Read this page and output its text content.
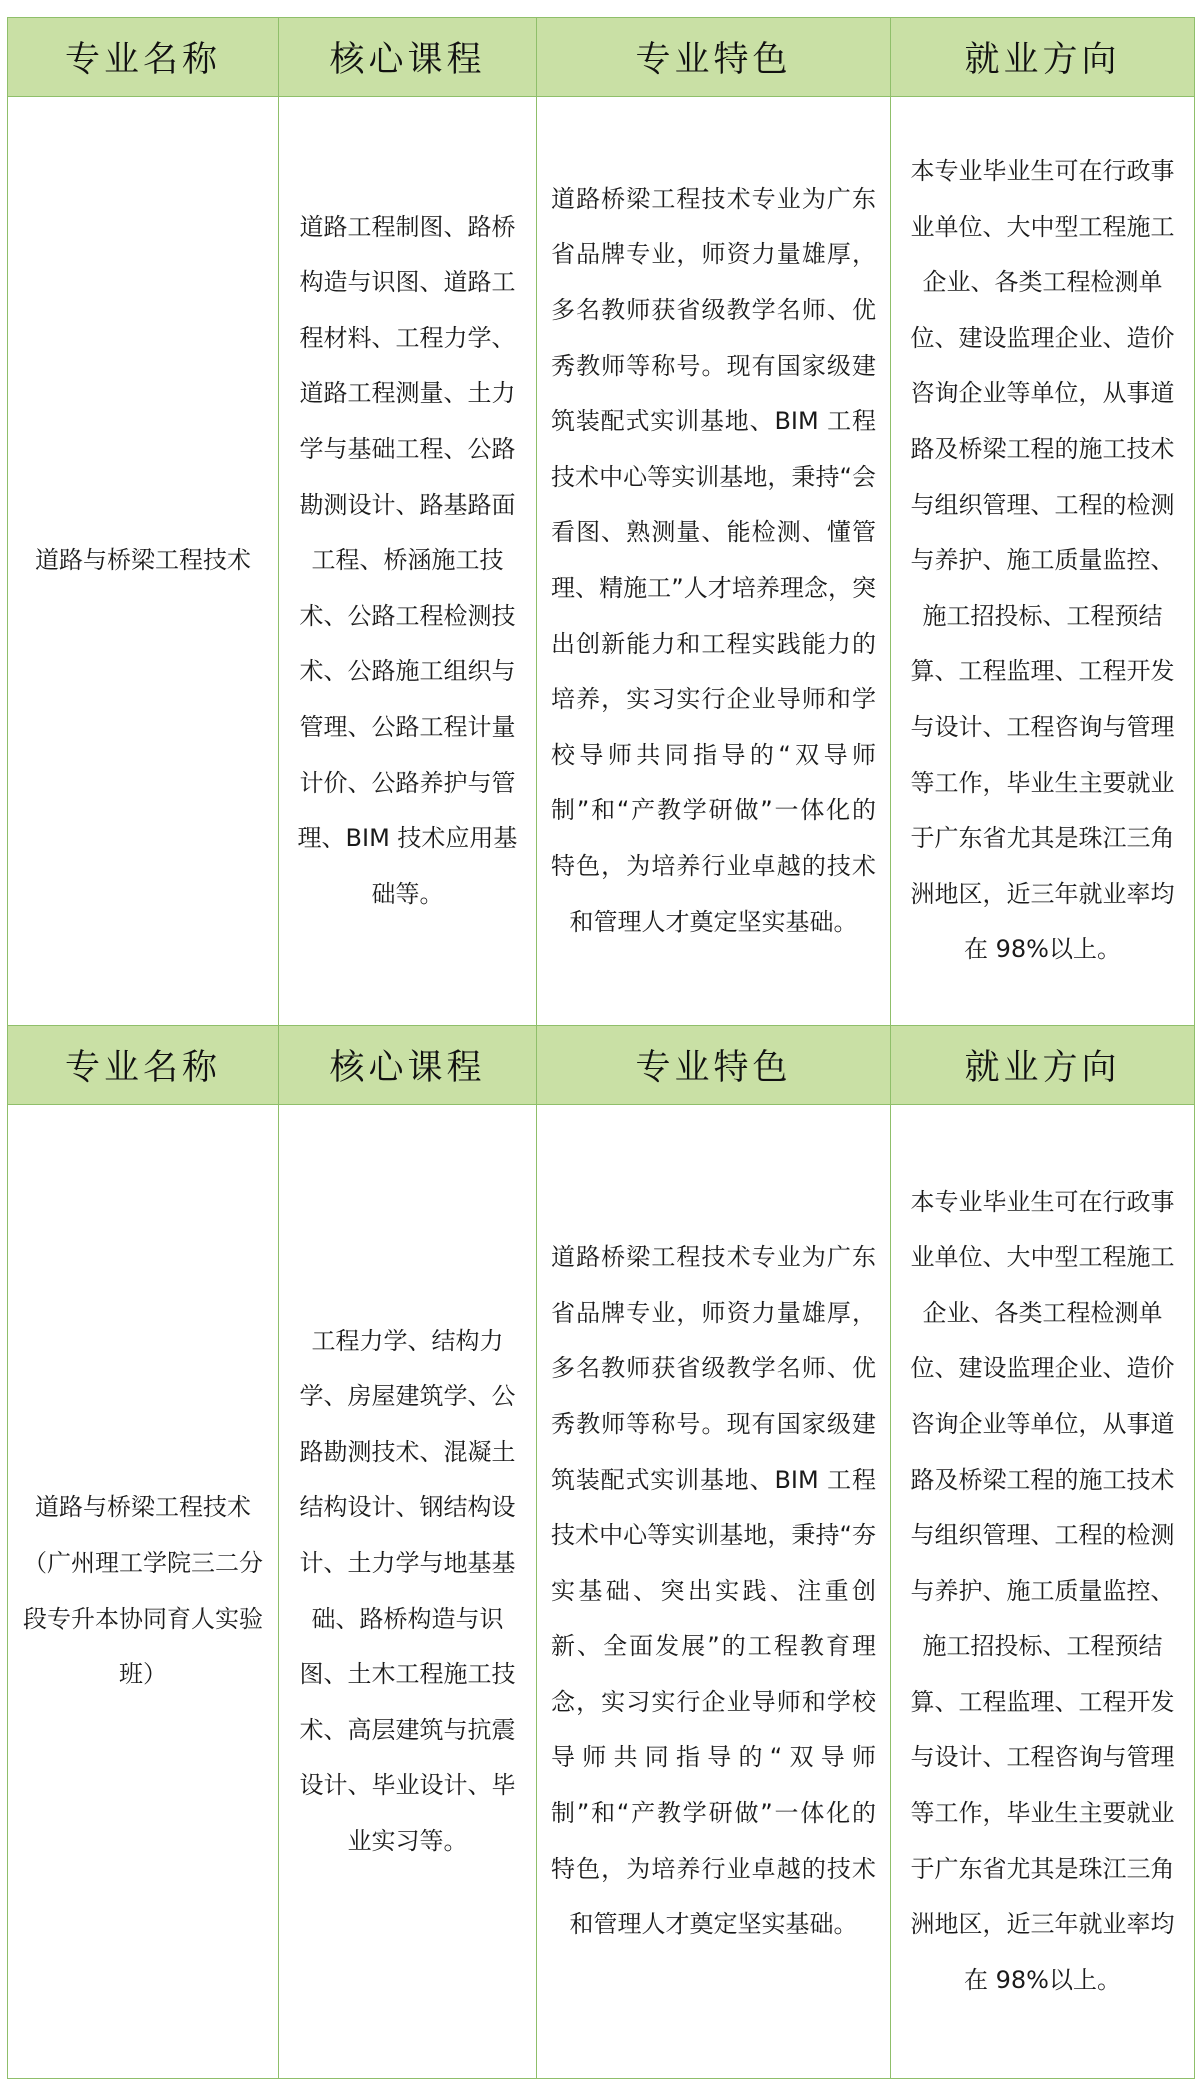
专业名称	核心课程	专业特色	就业方向

道路与桥梁工程技术	道路工程制图、路桥构造与识图、道路工程材料、工程力学、道路工程测量、土力学与基础工程、公路勘测设计、路基路面工程、桥涵施工技术、公路工程检测技术、公路施工组织与管理、公路工程计量计价、公路养护与管理、BIM 技术应用基础等。	道路桥梁工程技术专业为广东省品牌专业，师资力量雄厚，多名教师获省级教学名师、优秀教师等称号。现有国家级建筑装配式实训基地、BIM 工程技术中心等实训基地，秉持“会看图、熟测量、能检测、懂管理、精施工”人才培养理念，突出创新能力和工程实践能力的培养，实习实行企业导师和学校导师共同指导的“双导师制”和“产教学研做”一体化的特色，为培养行业卓越的技术和管理人才奠定坚实基础。	本专业毕业生可在行政事业单位、大中型工程施工企业、各类工程检测单位、建设监理企业、造价咨询企业等单位，从事道路及桥梁工程的施工技术与组织管理、工程的检测与养护、施工质量监控、施工招投标、工程预结算、工程监理、工程开发与设计、工程咨询与管理等工作，毕业生主要就业于广东省尤其是珠江三角洲地区，近三年就业率均在 98%以上。

专业名称	核心课程	专业特色	就业方向

道路与桥梁工程技术（广州理工学院三二分段专升本协同育人实验班）	工程力学、结构力学、房屋建筑学、公路勘测技术、混凝土结构设计、钢结构设计、土力学与地基基础、路桥构造与识图、土木工程施工技术、高层建筑与抗震设计、毕业设计、毕业实习等。	道路桥梁工程技术专业为广东省品牌专业，师资力量雄厚，多名教师获省级教学名师、优秀教师等称号。现有国家级建筑装配式实训基地、BIM 工程技术中心等实训基地，秉持“夯实基础、突出实践、注重创新、全面发展”的工程教育理念，实习实行企业导师和学校导师共同指导的“双导师制”和“产教学研做”一体化的特色，为培养行业卓越的技术和管理人才奠定坚实基础。	本专业毕业生可在行政事业单位、大中型工程施工企业、各类工程检测单位、建设监理企业、造价咨询企业等单位，从事道路及桥梁工程的施工技术与组织管理、工程的检测与养护、施工质量监控、施工招投标、工程预结算、工程监理、工程开发与设计、工程咨询与管理等工作，毕业生主要就业于广东省尤其是珠江三角洲地区，近三年就业率均在 98%以上。
